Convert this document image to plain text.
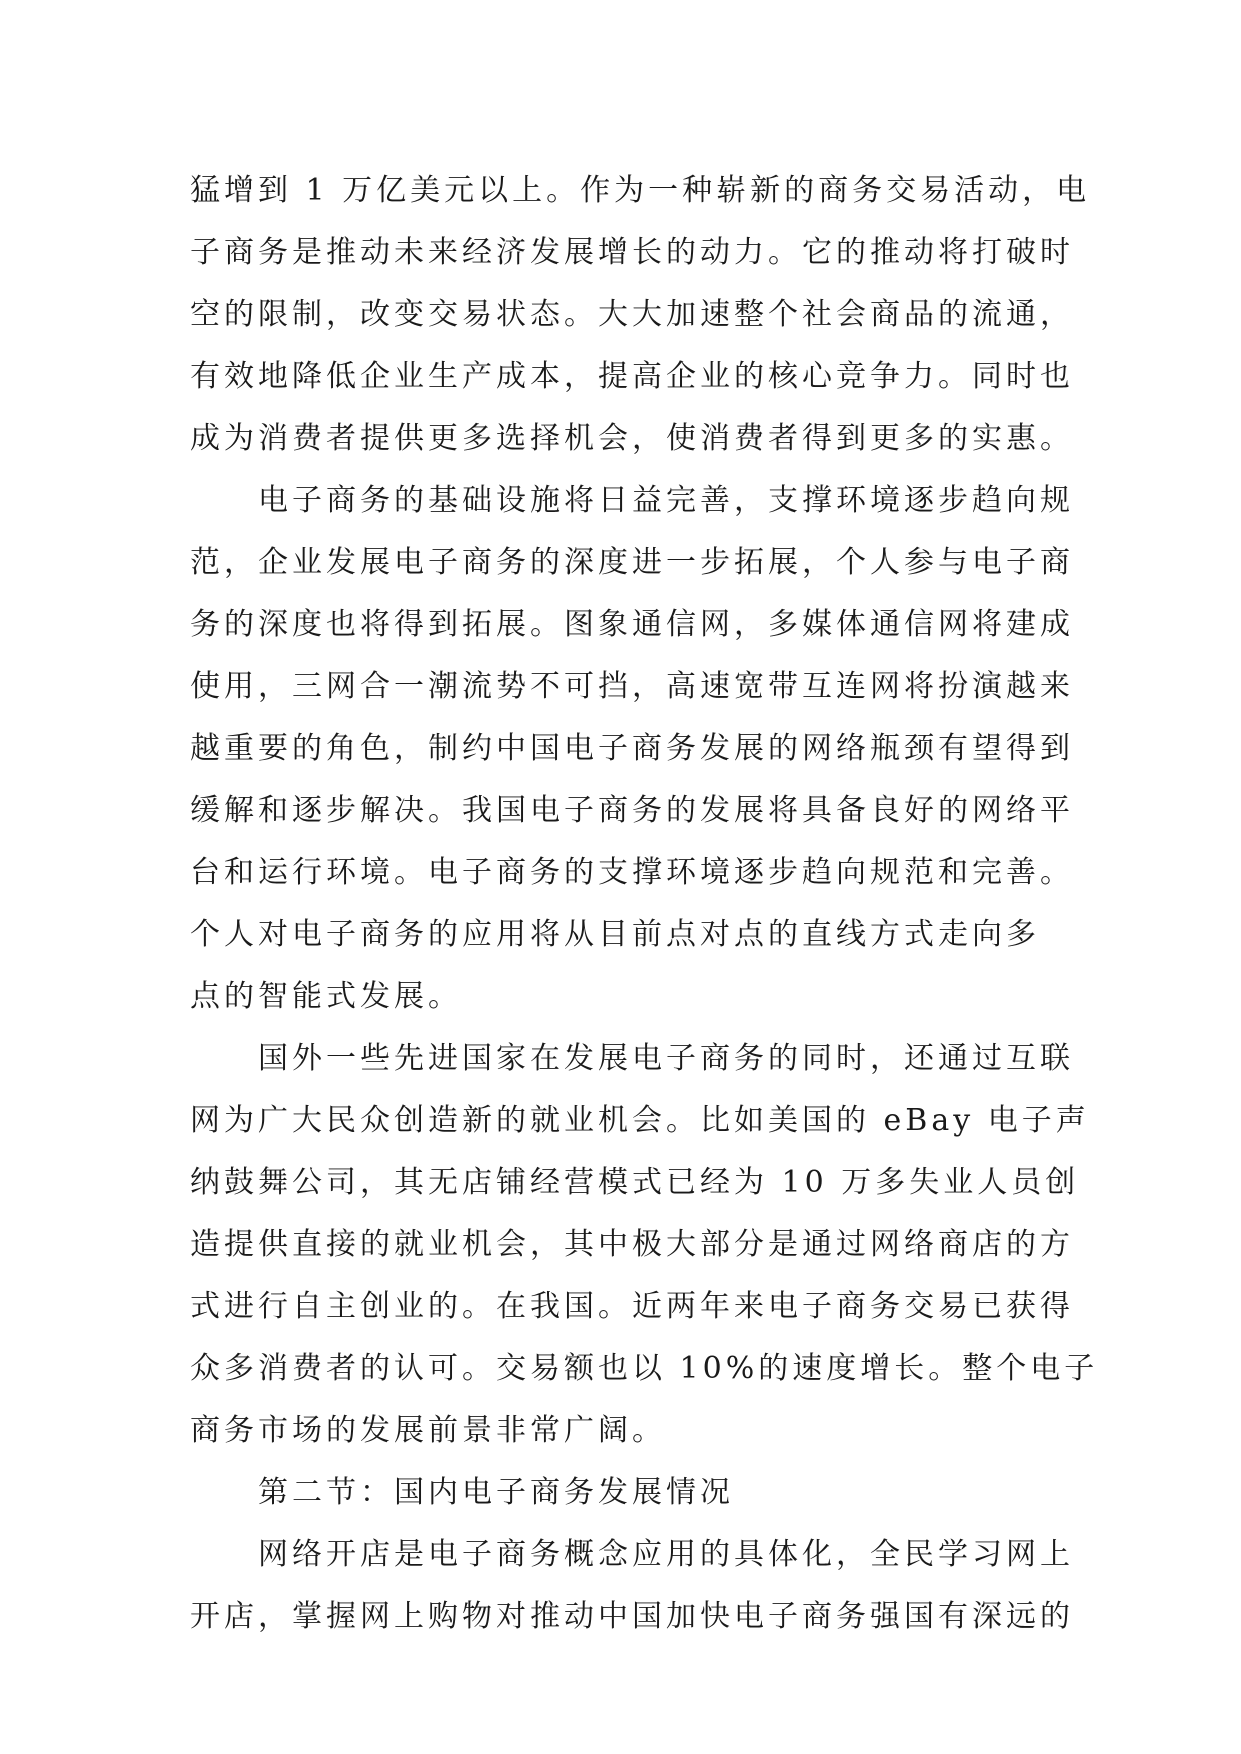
猛增到 1 万亿美元以上。作为一种崭新的商务交易活动，电
子商务是推动未来经济发展增长的动力。它的推动将打破时
空的限制，改变交易状态。大大加速整个社会商品的流通，
有效地降低企业生产成本，提高企业的核心竞争力。同时也
成为消费者提供更多选择机会，使消费者得到更多的实惠。
电子商务的基础设施将日益完善，支撑环境逐步趋向规
范，企业发展电子商务的深度进一步拓展，个人参与电子商
务的深度也将得到拓展。图象通信网，多媒体通信网将建成
使用，三网合一潮流势不可挡，高速宽带互连网将扮演越来
越重要的角色，制约中国电子商务发展的网络瓶颈有望得到
缓解和逐步解决。我国电子商务的发展将具备良好的网络平
台和运行环境。电子商务的支撑环境逐步趋向规范和完善。
个人对电子商务的应用将从目前点对点的直线方式走向多
点的智能式发展。
国外一些先进国家在发展电子商务的同时，还通过互联
网为广大民众创造新的就业机会。比如美国的 eBay 电子声
纳鼓舞公司，其无店铺经营模式已经为 10 万多失业人员创
造提供直接的就业机会，其中极大部分是通过网络商店的方
式进行自主创业的。在我国。近两年来电子商务交易已获得
众多消费者的认可。交易额也以 10%的速度增长。整个电子
商务市场的发展前景非常广阔。
第二节：国内电子商务发展情况
网络开店是电子商务概念应用的具体化，全民学习网上
开店，掌握网上购物对推动中国加快电子商务强国有深远的
